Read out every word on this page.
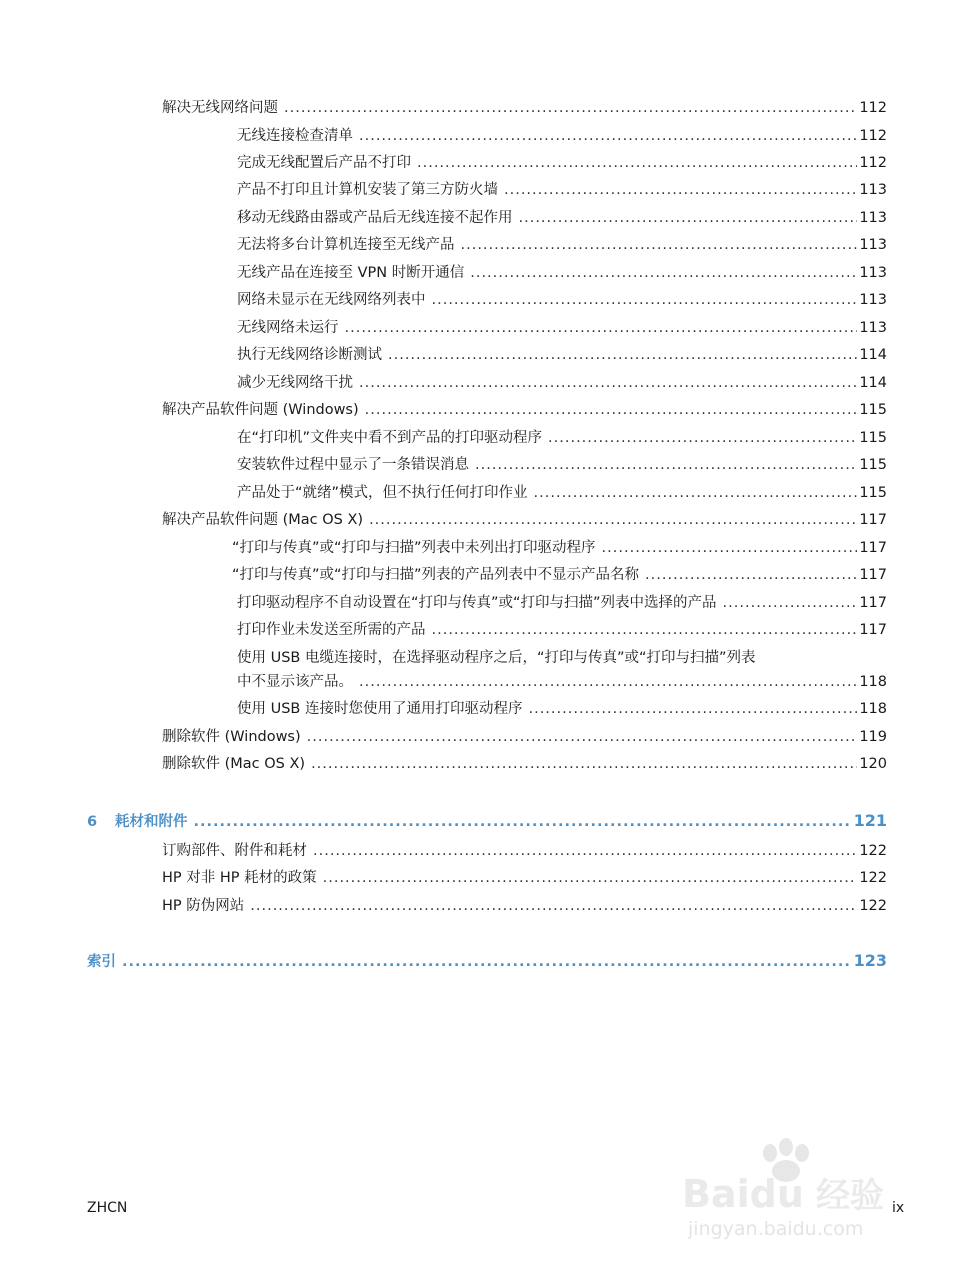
解决无线网络问题 .....	112
无线连接检查清单 .....	112
完成无线配置后产品不打印 .....	112
产品不打印且计算机安装了第三方防火墙 .....	113
移动无线路由器或产品后无线连接不起作用 .....	113
无法将多台计算机连接至无线产品 .....	113
无线产品在连接至 VPN 时断开通信 .....	113
网络未显示在无线网络列表中 .....	113
无线网络未运行 .....	113
执行无线网络诊断测试 .....	114
减少无线网络干扰 .....	114
解决产品软件问题 (Windows) .....	115
在“打印机”文件夹中看不到产品的打印驱动程序 .....	115
安装软件过程中显示了一条错误消息 .....	115
产品处于“就绪”模式，但不执行任何打印作业 .....	115
解决产品软件问题 (Mac OS X) .....	117
“打印与传真”或“打印与扫描”列表中未列出打印驱动程序 .....	117
“打印与传真”或“打印与扫描”列表的产品列表中不显示产品名称 .....	117
打印驱动程序不自动设置在“打印与传真”或“打印与扫描”列表中选择的产品 .....	117
打印作业未发送至所需的产品 .....	117
使用 USB 电缆连接时，在选择驱动程序之后，“打印与传真”或“打印与扫描”列表
中不显示该产品。 .....	118
使用 USB 连接时您使用了通用打印驱动程序 .....	118
删除软件 (Windows) .....	119
删除软件 (Mac OS X) .....	120
6 耗材和附件 .....	121
订购部件、附件和耗材 .....	122
HP 对非 HP 耗材的政策 .....	122
HP 防伪网站 .....	122
索引 .....	123
ZHCN	ix
Baidu 经验
jingyan.baidu.com
